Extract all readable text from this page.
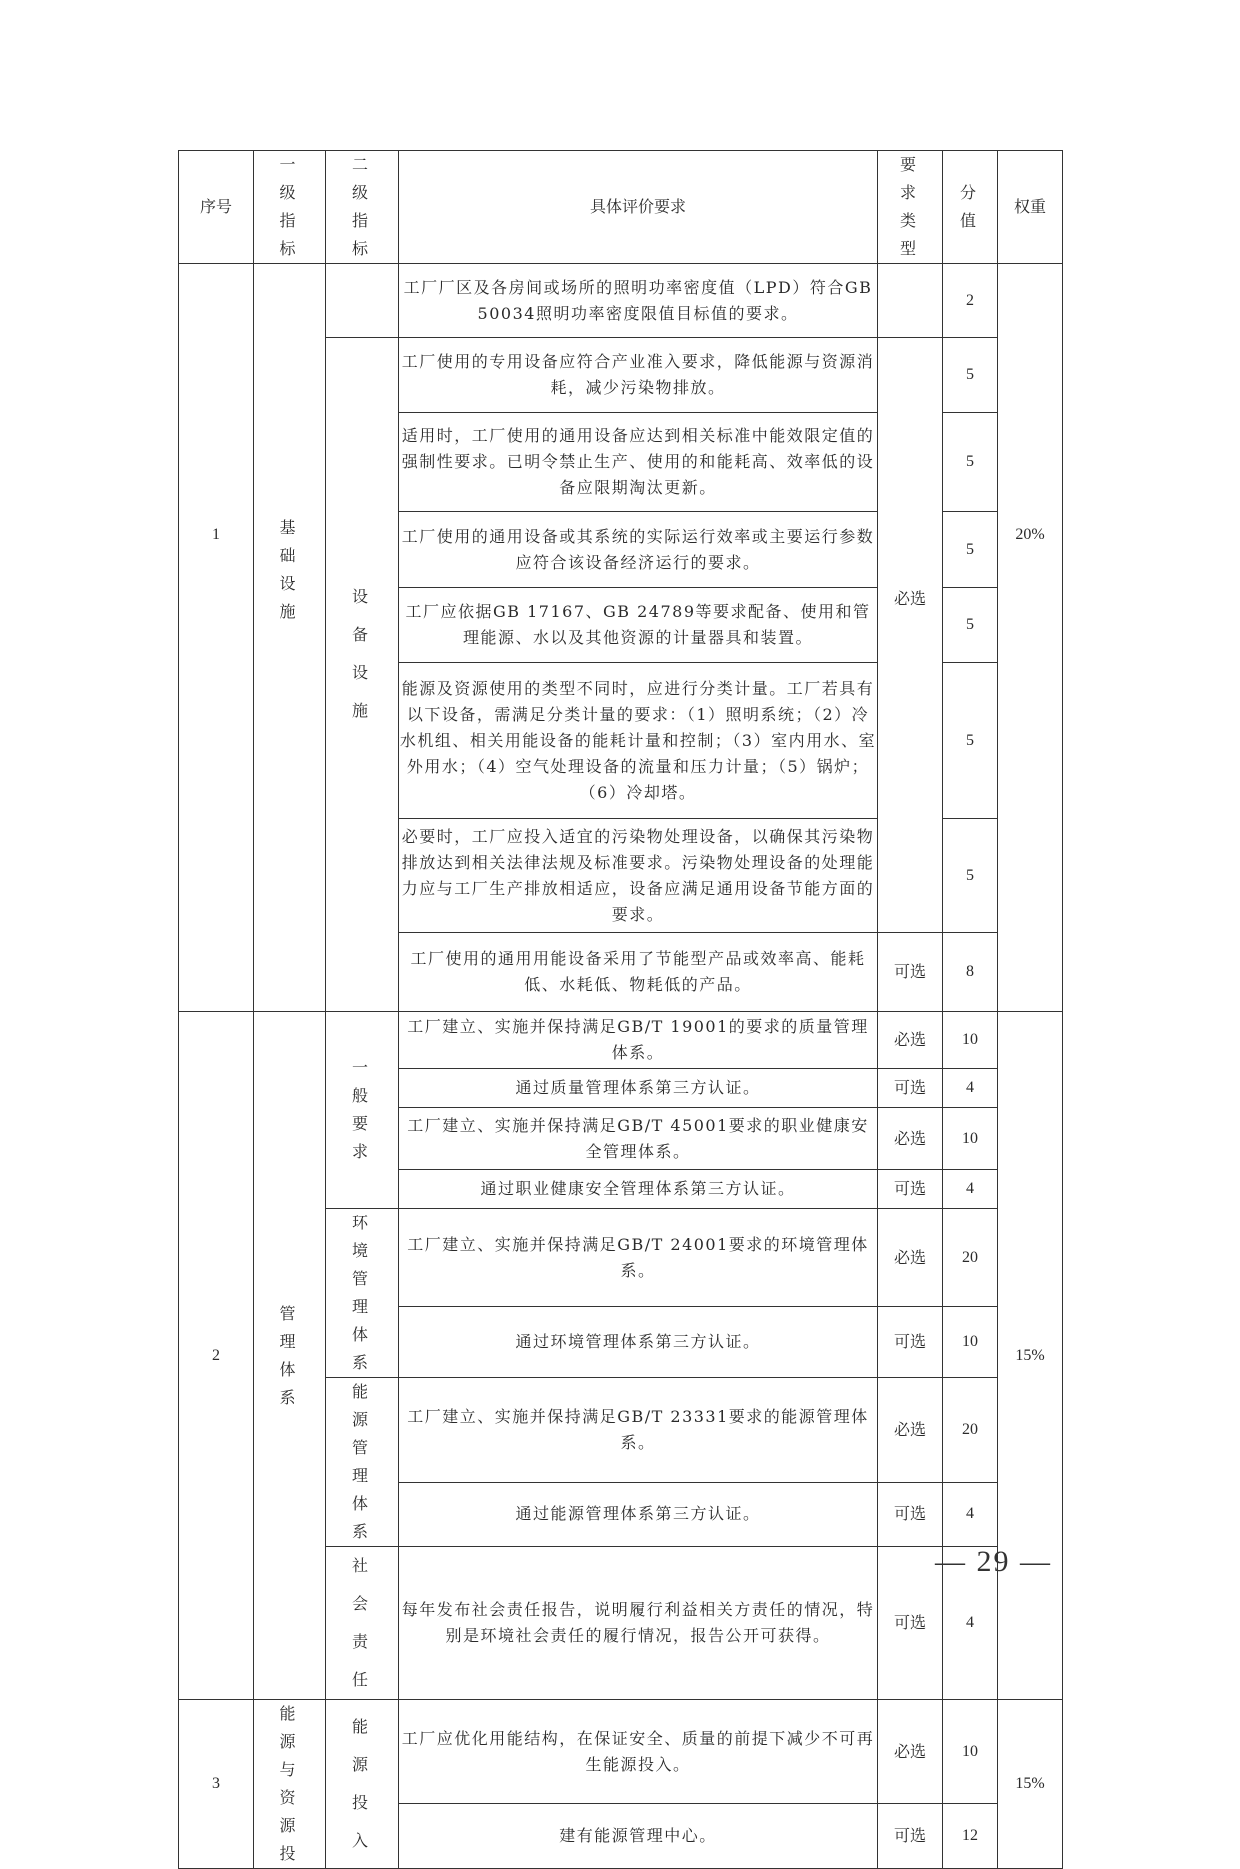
序号	一级指标	二级指标	具体评价要求	要求类型	分值	权重
1	基础设施		工厂厂区及各房间或场所的照明功率密度值（LPD）符合GB 50034照明功率密度限值目标值的要求。		2	20%
		设备设施	工厂使用的专用设备应符合产业准入要求，降低能源与资源消耗，减少污染物排放。	必选	5	
			适用时，工厂使用的通用设备应达到相关标准中能效限定值的强制性要求。已明令禁止生产、使用的和能耗高、效率低的设备应限期淘汰更新。		5	
			工厂使用的通用设备或其系统的实际运行效率或主要运行参数应符合该设备经济运行的要求。		5	
			工厂应依据GB 17167、GB 24789等要求配备、使用和管理能源、水以及其他资源的计量器具和装置。		5	
			能源及资源使用的类型不同时，应进行分类计量。工厂若具有以下设备，需满足分类计量的要求：（1）照明系统；（2）冷水机组、相关用能设备的能耗计量和控制；（3）室内用水、室外用水；（4）空气处理设备的流量和压力计量；（5）锅炉；（6）冷却塔。		5	
			必要时，工厂应投入适宜的污染物处理设备，以确保其污染物排放达到相关法律法规及标准要求。污染物处理设备的处理能力应与工厂生产排放相适应，设备应满足通用设备节能方面的要求。		5	
			工厂使用的通用用能设备采用了节能型产品或效率高、能耗低、水耗低、物耗低的产品。	可选	8	
2	管理体系	一般要求	工厂建立、实施并保持满足GB/T 19001的要求的质量管理体系。	必选	10	15%
			通过质量管理体系第三方认证。	可选	4	
			工厂建立、实施并保持满足GB/T 45001要求的职业健康安全管理体系。	必选	10	
			通过职业健康安全管理体系第三方认证。	可选	4	
		环境管理体系	工厂建立、实施并保持满足GB/T 24001要求的环境管理体系。	必选	20	
			通过环境管理体系第三方认证。	可选	10	
		能源管理体系	工厂建立、实施并保持满足GB/T 23331要求的能源管理体系。	必选	20	
			通过能源管理体系第三方认证。	可选	4	
		社会责任	每年发布社会责任报告，说明履行利益相关方责任的情况，特别是环境社会责任的履行情况，报告公开可获得。	可选	4	
3	能源与资源投	能源投入	工厂应优化用能结构，在保证安全、质量的前提下减少不可再生能源投入。	必选	10	15%
			建有能源管理中心。	可选	12	
— 29 —
